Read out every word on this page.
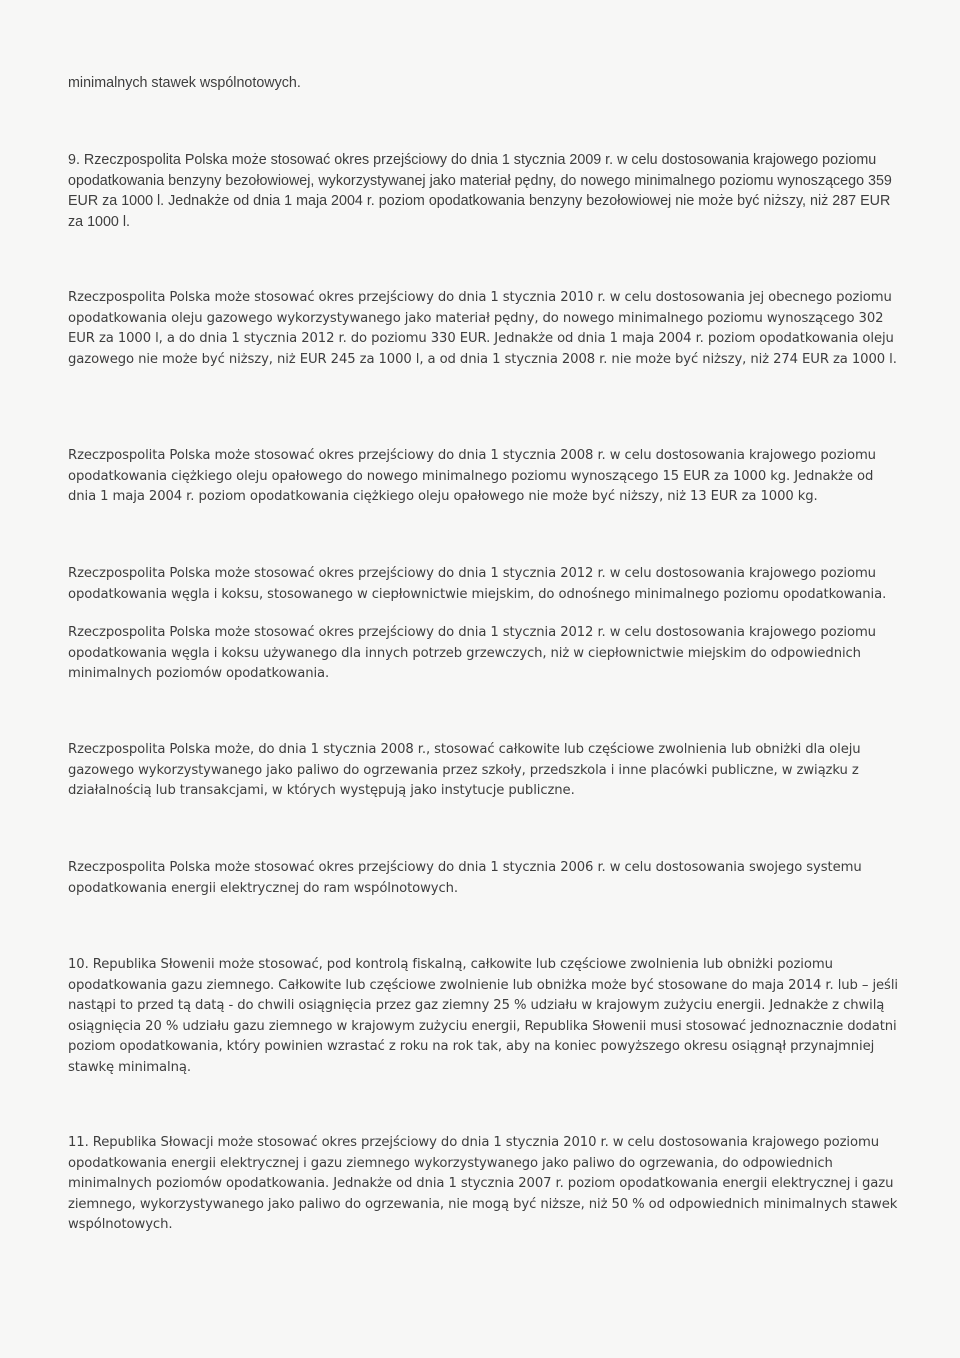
minimalnych stawek wspólnotowych.

9. Rzeczpospolita Polska może stosować okres przejściowy do dnia 1 stycznia 2009 r. w celu dostosowania krajowego poziomu opodatkowania benzyny bezołowiowej, wykorzystywanej jako materiał pędny, do nowego minimalnego poziomu wynoszącego 359 EUR za 1000 l. Jednakże od dnia 1 maja 2004 r. poziom opodatkowania benzyny bezołowiowej nie może być niższy, niż 287 EUR za 1000 l.

Rzeczpospolita Polska może stosować okres przejściowy do dnia 1 stycznia 2010 r. w celu dostosowania jej obecnego poziomu opodatkowania oleju gazowego wykorzystywanego jako materiał pędny, do nowego minimalnego poziomu wynoszącego 302 EUR za 1000 l, a do dnia 1 stycznia 2012 r. do poziomu 330 EUR. Jednakże od dnia 1 maja 2004 r. poziom opodatkowania oleju gazowego nie może być niższy, niż EUR 245 za 1000 l, a od dnia 1 stycznia 2008 r. nie może być niższy, niż 274 EUR za 1000 l.

Rzeczpospolita Polska może stosować okres przejściowy do dnia 1 stycznia 2008 r. w celu dostosowania krajowego poziomu opodatkowania ciężkiego oleju opałowego do nowego minimalnego poziomu wynoszącego 15 EUR za 1000 kg. Jednakże od dnia 1 maja 2004 r. poziom opodatkowania ciężkiego oleju opałowego nie może być niższy, niż 13 EUR za 1000 kg.

Rzeczpospolita Polska może stosować okres przejściowy do dnia 1 stycznia 2012 r. w celu dostosowania krajowego poziomu opodatkowania węgla i koksu, stosowanego w ciepłownictwie miejskim, do odnośnego minimalnego poziomu opodatkowania.

Rzeczpospolita Polska może stosować okres przejściowy do dnia 1 stycznia 2012 r. w celu dostosowania krajowego poziomu opodatkowania węgla i koksu używanego dla innych potrzeb grzewczych, niż w ciepłownictwie miejskim do odpowiednich minimalnych poziomów opodatkowania.

Rzeczpospolita Polska może, do dnia 1 stycznia 2008 r., stosować całkowite lub częściowe zwolnienia lub obniżki dla oleju gazowego wykorzystywanego jako paliwo do ogrzewania przez szkoły, przedszkola i inne placówki publiczne, w związku z działalnością lub transakcjami, w których występują jako instytucje publiczne.

Rzeczpospolita Polska może stosować okres przejściowy do dnia 1 stycznia 2006 r. w celu dostosowania swojego systemu opodatkowania energii elektrycznej do ram wspólnotowych.

10. Republika Słowenii może stosować, pod kontrolą fiskalną, całkowite lub częściowe zwolnienia lub obniżki poziomu opodatkowania gazu ziemnego. Całkowite lub częściowe zwolnienie lub obniżka może być stosowane do maja 2014 r. lub – jeśli nastąpi to przed tą datą - do chwili osiągnięcia przez gaz ziemny 25 % udziału w krajowym zużyciu energii. Jednakże z chwilą osiągnięcia 20 % udziału gazu ziemnego w krajowym zużyciu energii, Republika Słowenii musi stosować jednoznacznie dodatni poziom opodatkowania, który powinien wzrastać z roku na rok tak, aby na koniec powyższego okresu osiągnął przynajmniej stawkę minimalną.

11. Republika Słowacji może stosować okres przejściowy do dnia 1 stycznia 2010 r. w celu dostosowania krajowego poziomu opodatkowania energii elektrycznej i gazu ziemnego wykorzystywanego jako paliwo do ogrzewania, do odpowiednich minimalnych poziomów opodatkowania. Jednakże od dnia 1 stycznia 2007 r. poziom opodatkowania energii elektrycznej i gazu ziemnego, wykorzystywanego jako paliwo do ogrzewania, nie mogą być niższe, niż 50 % od odpowiednich minimalnych stawek wspólnotowych.
